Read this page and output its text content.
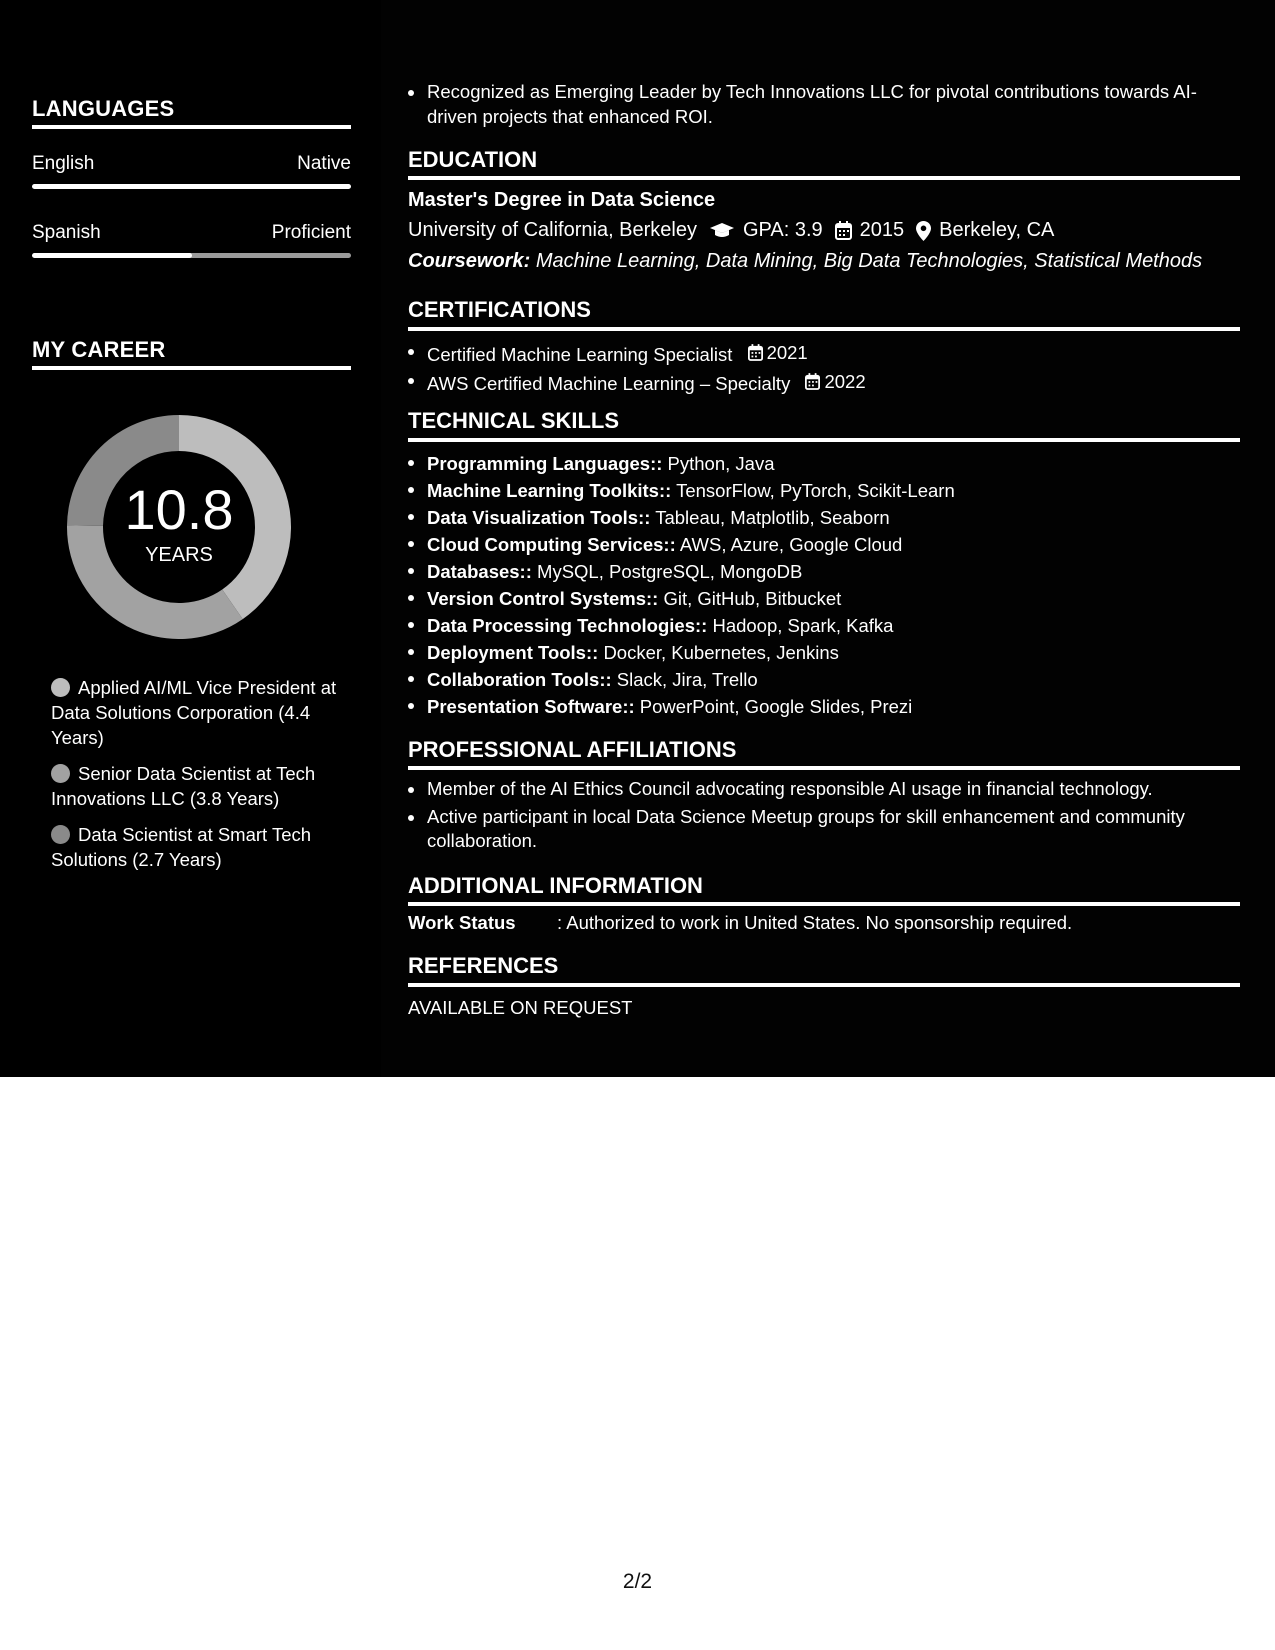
LANGUAGES
English	Native
Spanish	Proficient
MY CAREER
10.8
YEARS
Applied AI/ML Vice President at Data Solutions Corporation (4.4 Years)
Senior Data Scientist at Tech Innovations LLC (3.8 Years)
Data Scientist at Smart Tech Solutions (2.7 Years)
Recognized as Emerging Leader by Tech Innovations LLC for pivotal contributions towards AI-driven projects that enhanced ROI.
EDUCATION
Master's Degree in Data Science
University of California, Berkeley GPA: 3.9 2015 Berkeley, CA
Coursework: Machine Learning, Data Mining, Big Data Technologies, Statistical Methods
CERTIFICATIONS
Certified Machine Learning Specialist 2021
AWS Certified Machine Learning – Specialty 2022
TECHNICAL SKILLS
Programming Languages:: Python, Java
Machine Learning Toolkits:: TensorFlow, PyTorch, Scikit-Learn
Data Visualization Tools:: Tableau, Matplotlib, Seaborn
Cloud Computing Services:: AWS, Azure, Google Cloud
Databases:: MySQL, PostgreSQL, MongoDB
Version Control Systems:: Git, GitHub, Bitbucket
Data Processing Technologies:: Hadoop, Spark, Kafka
Deployment Tools:: Docker, Kubernetes, Jenkins
Collaboration Tools:: Slack, Jira, Trello
Presentation Software:: PowerPoint, Google Slides, Prezi
PROFESSIONAL AFFILIATIONS
Member of the AI Ethics Council advocating responsible AI usage in financial technology.
Active participant in local Data Science Meetup groups for skill enhancement and community collaboration.
ADDITIONAL INFORMATION
Work Status : Authorized to work in United States. No sponsorship required.
REFERENCES
AVAILABLE ON REQUEST
2/2
